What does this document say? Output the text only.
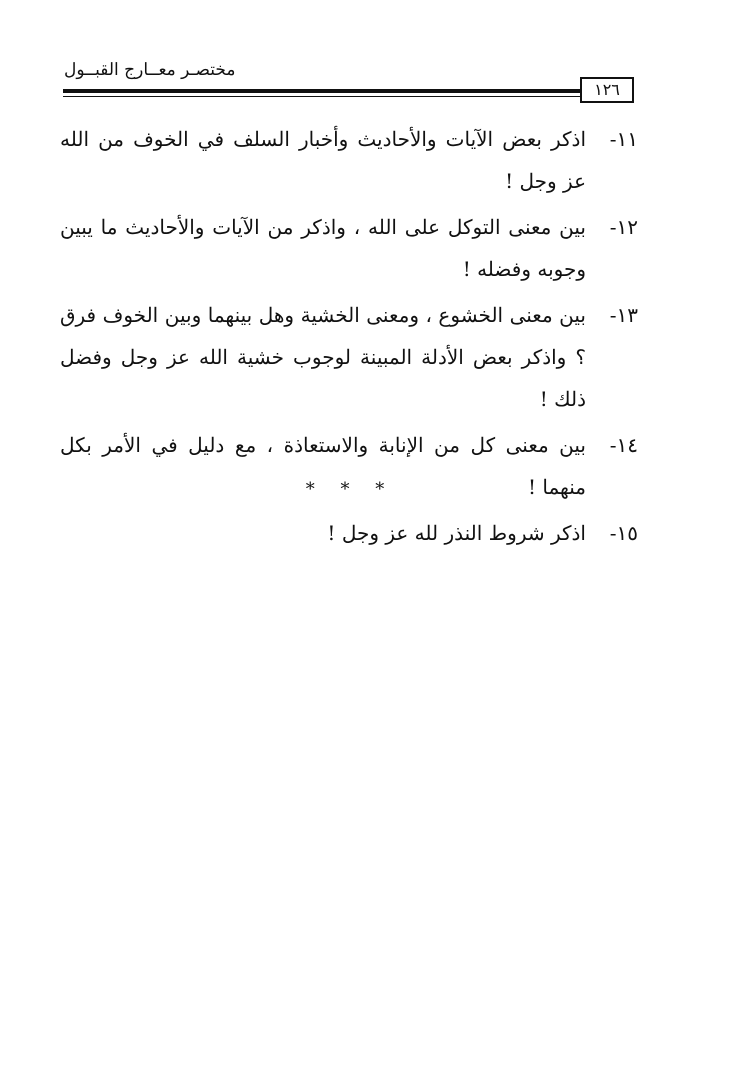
مختصـر معــارج القبــول
١٢٦
١١-
اذكر بعض الآيات والأحاديث وأخبار السلف في الخوف من الله عز وجل !
١٢-
بين معنى التوكل على الله ، واذكر من الآيات والأحاديث ما يبين وجوبه وفضله !
١٣-
بين معنى الخشوع ، ومعنى الخشية وهل بينهما وبين الخوف فرق ؟ واذكر بعض الأدلة المبينة لوجوب خشية الله عز وجل وفضل ذلك !
١٤-
بين معنى كل من الإنابة والاستعاذة ، مع دليل في الأمر بكل منهما !
١٥-
اذكر شروط النذر لله عز وجل !
* * *
